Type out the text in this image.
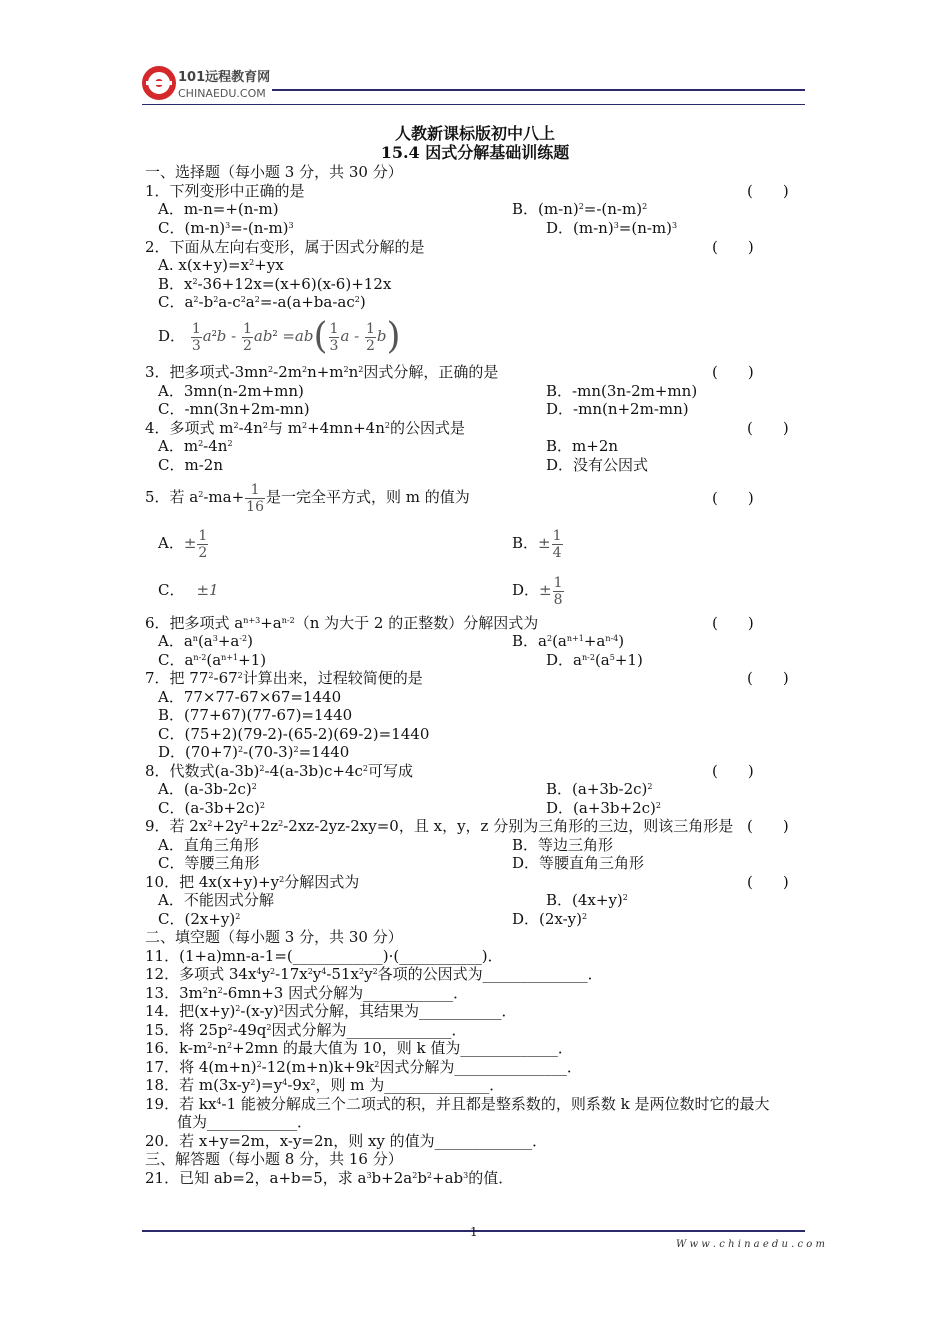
101远程教育网
CHINAEDU.COM
人教新课标版初中八上
15.4 因式分解基础训练题
一、选择题（每小题 3 分，共 30 分）
1．下列变形中正确的是	(　　)
A．m-n=+(n-m)	B．$(m-n)^2=-(n-m)^2$
C．$(m-n)^3=-(n-m)^3$	D．$(m-n)^3=(n-m)^3$
2．下面从左向右变形，属于因式分解的是	(　　)
A. $x(x+y)=x^2+yx$
B．$x^2-36+12x=(x+6)(x-6)+12x$
C．$a^2-b^2a-c^2a^2=-a(a+ba-ac^2)$
D． $\frac{1}{3} a^2b - \frac{1}{2} ab^2 =ab( \frac{1}{3}$ a - $\frac{1}{2} b$)
3．把多项式$-3mn^2-2m^2n+m^2n^2$因式分解，正确的是	(　　)
A．3mn(n-2m+mn)	B．-mn(3n-2m+mn)
C．-mn(3n+2m-mn)	D．-mn(n+2m-mn)
4．多项式 $m^2-4n^2$与 $m^2+4mn+4n^2$的公因式是	(　　)
A．$m^2-4n^2$	B．m+2n
C．m-2n	D．没有公因式
5．若 $a^2-ma+ \frac{1}{16}$ 是一完全平方式，则 m 的值为	(　　)
A．± $\frac{1}{2}$	B．± $\frac{1}{4}$
C． ±1	D．± $\frac{1}{8}$
6．把多项式 $a^{n+3}+a^{n-2}(n$ 为大于 2 的正整数）分解因式为	(　　)
A．$a^n(a^3+a^{-2})$	B．$a^2(a^{n+1}+a^{n-4})$
C．$a^{n-2}(a^{n+1}+1)$	D．$a^{n-2}(a^5+1)$
7．把 $77^2-67^2$计算出来，过程较简便的是	(　　)
A．77×77-67×67=1440
B．(77+67)(77-67)=1440
C．(75+2)(79-2)-(65-2)(69-2)=1440
D．$(70+7)^2-(70-3)^2=1440$
8．代数式$(a-3b)^2-4(a-3b)c+4c^2$可写成	(　　)
A．$(a-3b-2c)^2$	B．$(a+3b-2c)^2$
C．$(a-3b+2c)^2$	D．$(a+3b+2c)^2$
9．若 $2x^2+2y^2+2z^2-2xz-2yz-2xy=0$，且 x，y，z 分别为三角形的三边，则该三角形是 (　　)
A．直角三角形	B．等边三角形
C．等腰三角形	D．等腰直角三角形
10．把 $4x(x+y)+y^2$分解因式为	(　　)
A．不能因式分解	B．$(4x+y)^2$
C．$(2x+y)^2$	D．$(2x-y)^2$
二、填空题（每小题 3 分，共 30 分）
11．(1+a)mn-a-1=(____________)·(___________)．
12．多项式 $34x^4y^2-17x^2y^4-51x^2y^2$各项的公因式为______________．
13．$3m^2n^2-6mn+3$ 因式分解为____________．
14．把$(x+y)^2-(x-y)^2$因式分解，其结果为___________．
15．将 $25p^2-49q^2$因式分解为______________．
16．$k-m^2-n^2+2mn$ 的最大值为 10，则 k 值为_____________．
17．将 $4(m+n)^2-12(m+n)k+9k^2$因式分解为_______________．
18．若 $m(3x-y^2)=y^4-9x^2$，则 m 为______________．
19．若 $kx^4-1$ 能被分解成三个二项式的积，并且都是整系数的，则系数 k 是两位数时它的最大
值为____________．
20．若 x+y=2m，x-y=2n，则 xy 的值为_____________．
三、解答题（每小题 8 分，共 16 分）
21．已知 ab=2，a+b=5，求 $a^3b+2a^2b^2+ab^3$的值．
1
W w w . c h i n a e d u . c o m
